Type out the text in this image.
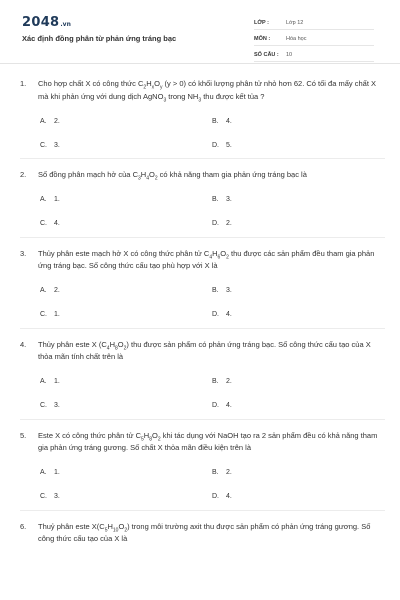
2048.vn
Xác định đồng phân từ phản ứng tráng bạc
LỚP :	Lớp 12
MÔN :	Hóa học
SỐ CÂU :	10
1.	Cho hợp chất X có công thức $C_2H_xO_y$ (y > 0) có khối lượng phân tử nhỏ hơn 62. Có tối đa mấy chất X mà khi phản ứng với dung dịch AgNO$_3$ trong $NH_3$ thu được kết tủa ?
A. 2.	B. 4.
C. 3.	D. 5.
2.	Số đồng phân mạch hở của $C_3H_4O_2$ có khả năng tham gia phản ứng tráng bạc là
A. 1.	B. 3.
C. 4.	D. 2.
3.	Thủy phân este mạch hở X có công thức phân tử $C_4H_6O_2$ thu được các sản phẩm đều tham gia phản ứng tráng bạc. Số công thức cấu tạo phù hợp với X là
A. 2.	B. 3.
C. 1.	D. 4.
4.	Thủy phân este X $(C_4H_8O_2)$ thu được sản phẩm có phản ứng tráng bạc. Số công thức cấu tạo của X thỏa mãn tính chất trên là
A. 1.	B. 2.
C. 3.	D. 4.
5.	Este X có công thức phân tử $C_5H_8O_2$ khi tác dụng với NaOH tạo ra 2 sản phẩm đều có khả năng tham gia phản ứng tráng gương. Số chất X thỏa mãn điều kiện trên là
A. 1.	B. 2.
C. 3.	D. 4.
6.	Thuỷ phân este $X(C_5H_{10}O_2)$ trong môi trường axit thu được sản phẩm có phản ứng tráng gương. Số công thức cấu tạo của X là
